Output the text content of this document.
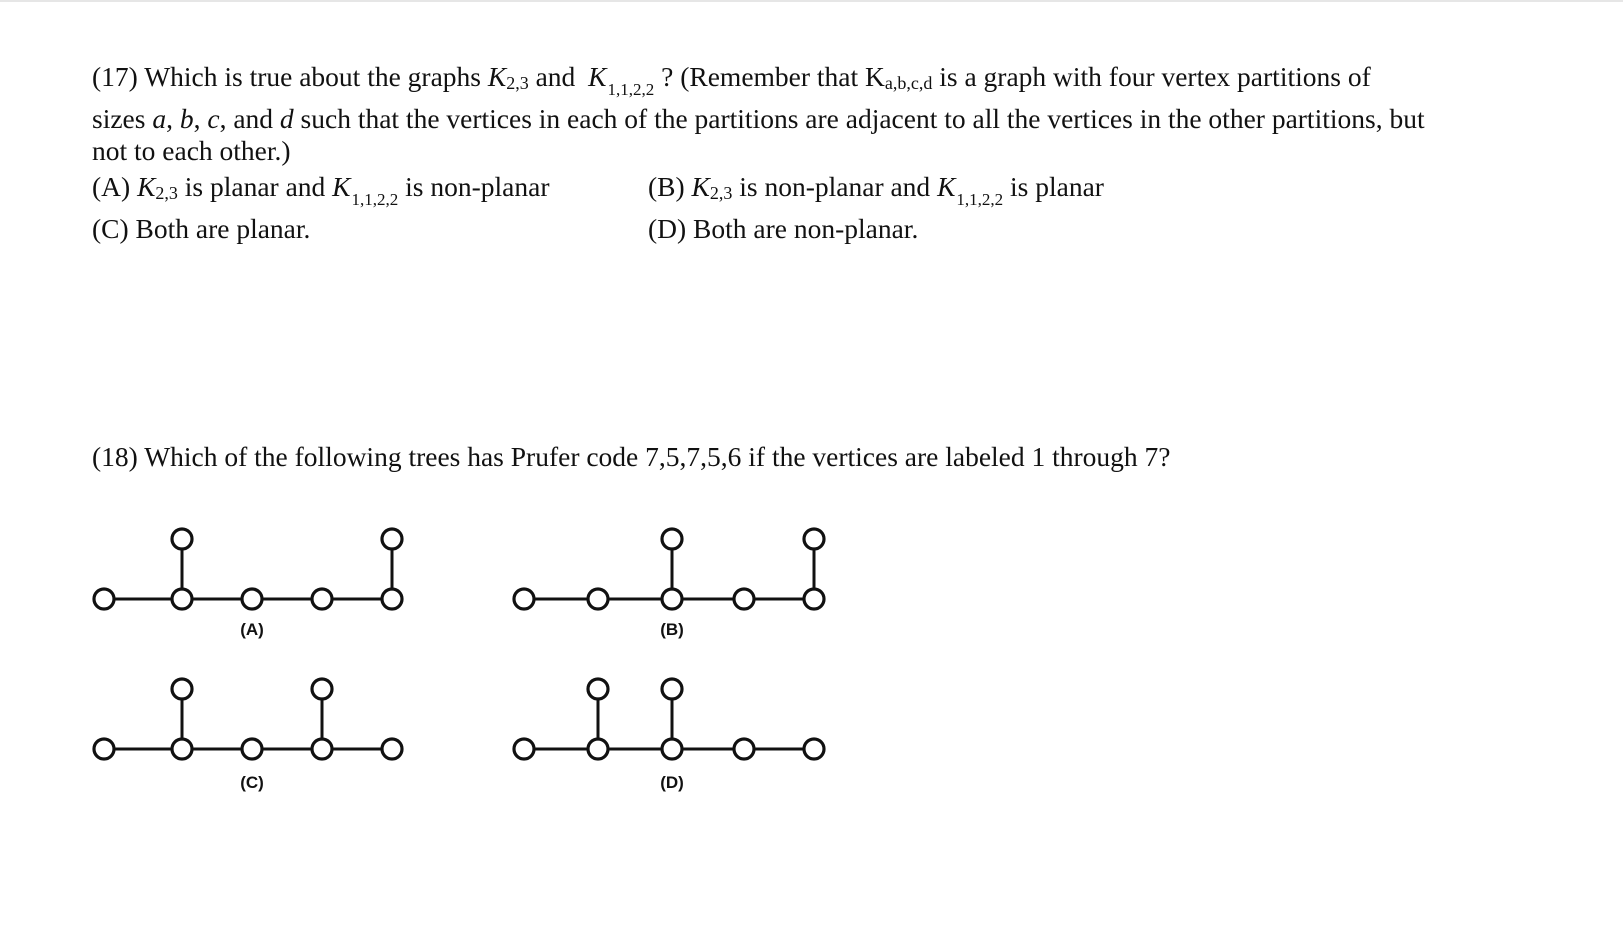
(17) Which is true about the graphs K2,3 and $K_{1,1,2,2}$ ? (Remember that Ka,b,c,d is a graph with four vertex partitions of
sizes a, b, c, and d such that the vertices in each of the partitions are adjacent to all the vertices in the other partitions, but
not to each other.)
(A) K2,3 is planar and $K_{1,1,2,2}$ is non-planar	(B) K2,3 is non-planar and $K_{1,1,2,2}$ is planar
(C) Both are planar.	(D) Both are non-planar.
(18) Which of the following trees has Prufer code 7,5,7,5,6 if the vertices are labeled 1 through 7?
(A)	(B)
(C)	(D)
